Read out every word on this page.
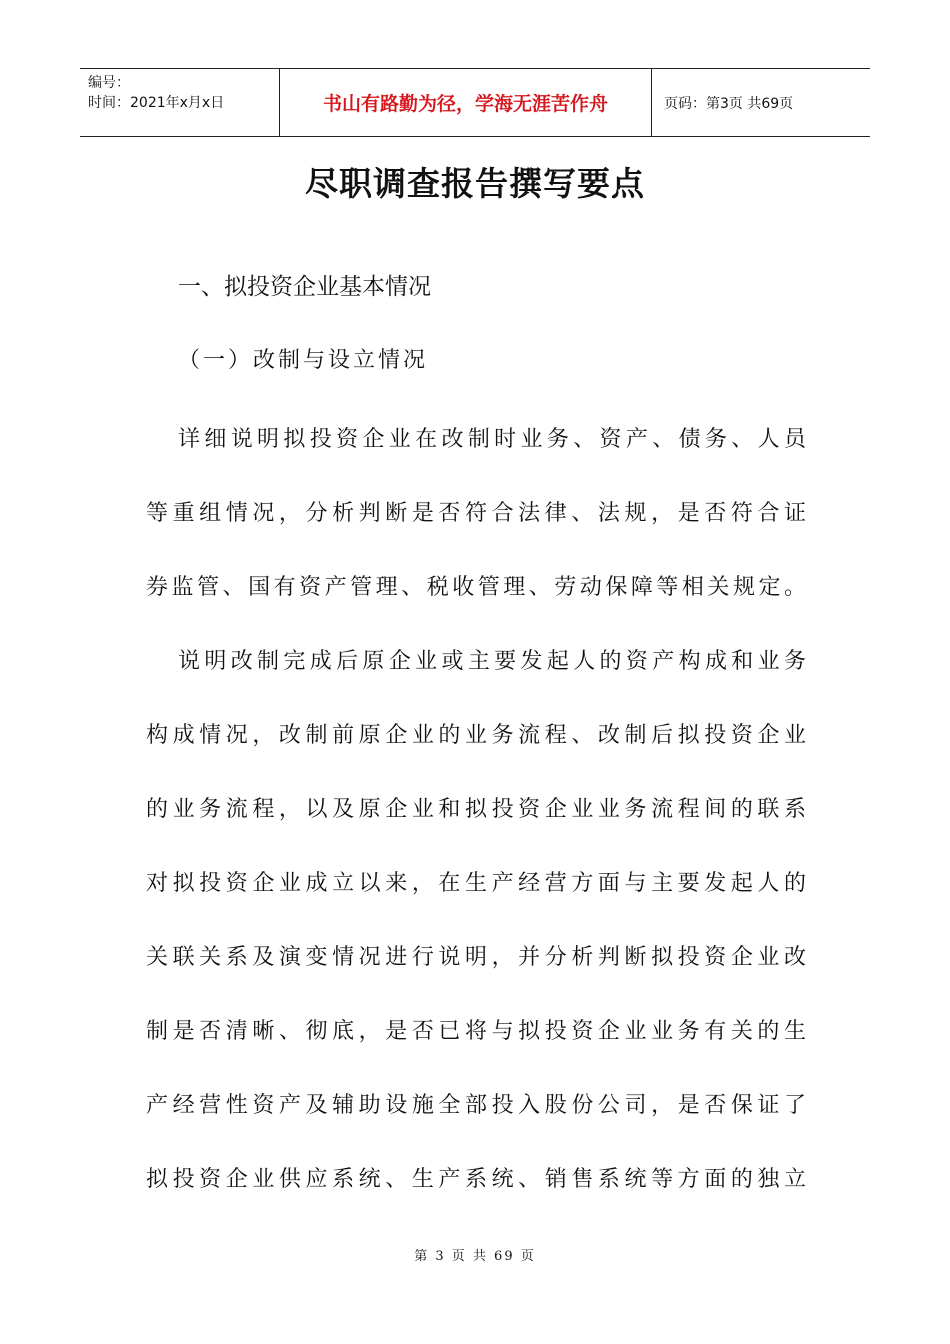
编号：
时间：2021年x月x日	书山有路勤为径，学海无涯苦作舟	页码：第3页 共69页
尽职调查报告撰写要点
一、拟投资企业基本情况
（一）改制与设立情况
详细说明拟投资企业在改制时业务、资产、债务、人员
等重组情况，分析判断是否符合法律、法规，是否符合证
券监管、国有资产管理、税收管理、劳动保障等相关规定。
说明改制完成后原企业或主要发起人的资产构成和业务
构成情况，改制前原企业的业务流程、改制后拟投资企业
的业务流程，以及原企业和拟投资企业业务流程间的联系
对拟投资企业成立以来，在生产经营方面与主要发起人的
关联关系及演变情况进行说明，并分析判断拟投资企业改
制是否清晰、彻底，是否已将与拟投资企业业务有关的生
产经营性资产及辅助设施全部投入股份公司，是否保证了
拟投资企业供应系统、生产系统、销售系统等方面的独立
第 3 页 共 69 页
